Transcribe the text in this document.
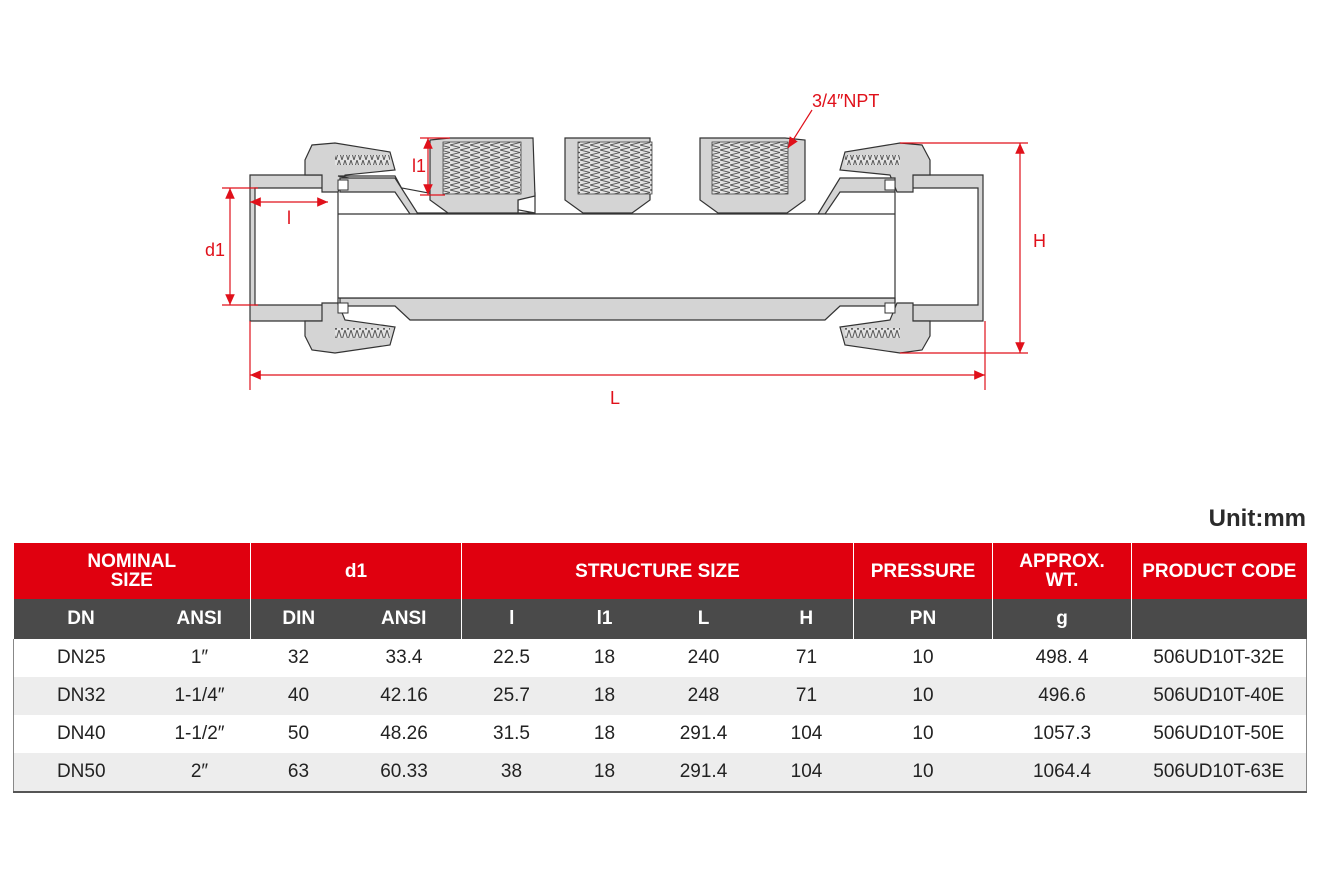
3/4″NPT
l1
l
d1	H
L
Unit:mm
NOMINAL SIZE		d1		STRUCTURE SIZE				PRESSURE	APPROX. WT.	PRODUCT CODE
DN	ANSI	DIN	ANSI	l	l1	L	H	PN	g	
DN25	1″	32	33.4	22.5	18	240	71	10	498. 4	506UD10T-32E
DN32	1-1/4″	40	42.16	25.7	18	248	71	10	496.6	506UD10T-40E
DN40	1-1/2″	50	48.26	31.5	18	291.4	104	10	1057.3	506UD10T-50E
DN50	2″	63	60.33	38	18	291.4	104	10	1064.4	506UD10T-63E
